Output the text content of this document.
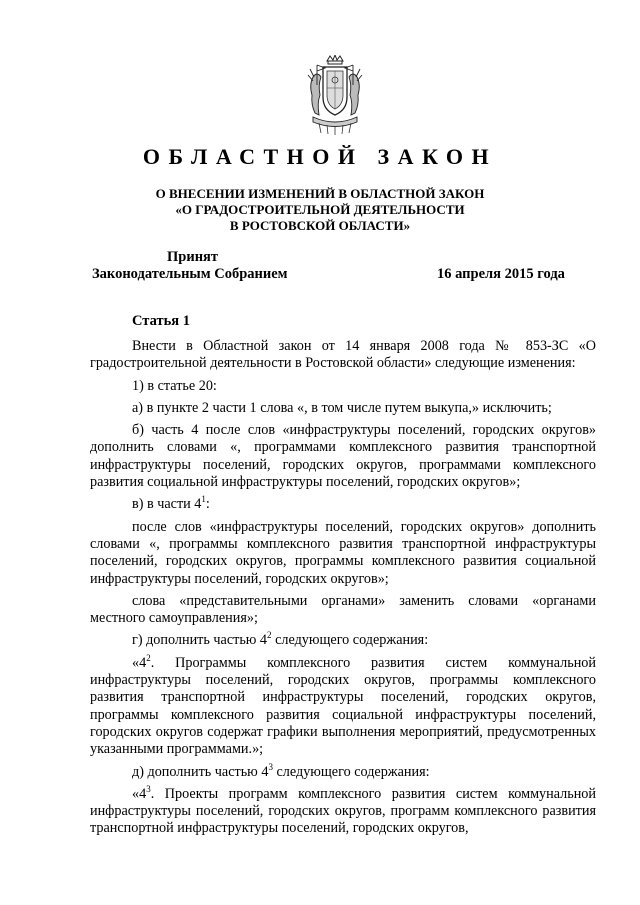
ОБЛАСТНОЙ ЗАКОН
О ВНЕСЕНИИ ИЗМЕНЕНИЙ В ОБЛАСТНОЙ ЗАКОН
«О ГРАДОСТРОИТЕЛЬНОЙ ДЕЯТЕЛЬНОСТИ
В РОСТОВСКОЙ ОБЛАСТИ»
Принят
Законодательным Собранием	16 апреля 2015 года
Статья 1

Внести в Областной закон от 14 января 2008 года № 853-ЗС «О градостроительной деятельности в Ростовской области» следующие изменения:

1) в статье 20:

а) в пункте 2 части 1 слова «, в том числе путем выкупа,» исключить;

б) часть 4 после слов «инфраструктуры поселений, городских округов» дополнить словами «, программами комплексного развития транспортной инфраструктуры поселений, городских округов, программами комплексного развития социальной инфраструктуры поселений, городских округов»;

в) в части $4^1$:

после слов «инфраструктуры поселений, городских округов» дополнить словами «, программы комплексного развития транспортной инфраструктуры поселений, городских округов, программы комплексного развития социальной инфраструктуры поселений, городских округов»;

слова «представительными органами» заменить словами «органами местного самоуправления»;

г) дополнить частью $4^2$ следующего содержания:

«$4^2$. Программы комплексного развития систем коммунальной инфраструктуры поселений, городских округов, программы комплексного развития транспортной инфраструктуры поселений, городских округов, программы комплексного развития социальной инфраструктуры поселений, городских округов содержат графики выполнения мероприятий, предусмотренных указанными программами.»;

д) дополнить частью $4^3$ следующего содержания:

«$4^3$. Проекты программ комплексного развития систем коммунальной инфраструктуры поселений, городских округов, программ комплексного развития транспортной инфраструктуры поселений, городских округов,
